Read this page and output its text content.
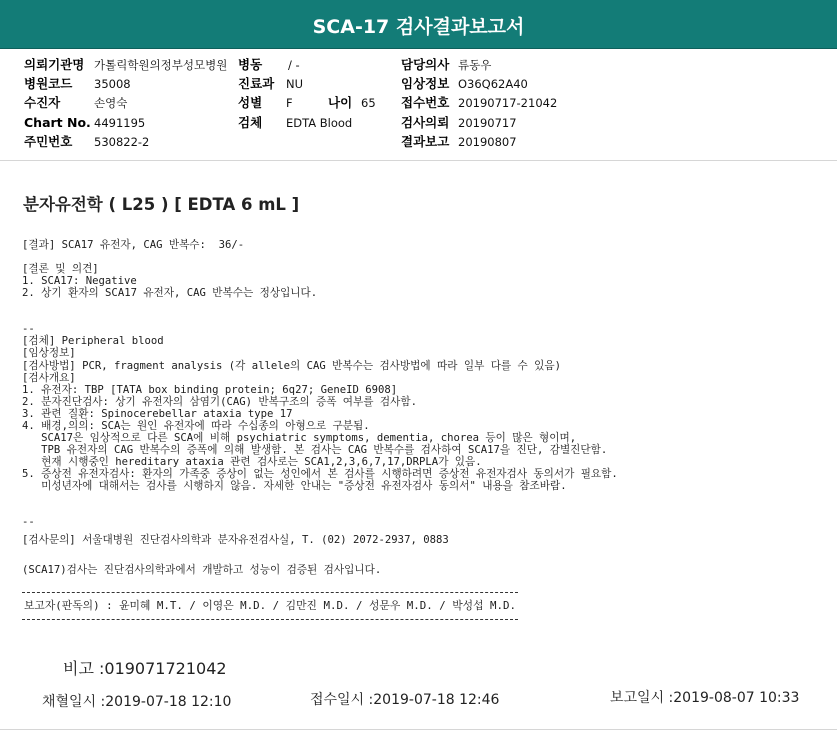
SCA-17 검사결과보고서
의뢰기관명 가톨릭학원의정부성모병원 병동 / -	담당의사 류동우
병원코드 35008	진료과 NU	임상정보 O36Q62A40
수진자	손영숙	성별 F	나이 65 접수번호 20190717-21042
Chart No. 4491195	검체 EDTA Blood	검사의뢰 20190717
주민번호 530822-2	결과보고 20190807
분자유전학 ( L25 ) [ EDTA 6 mL ]
[결과] SCA17 유전자, CAG 반복수:  36/-
[결론 및 의견]
1. SCA17: Negative
2. 상기 환자의 SCA17 유전자, CAG 반복수는 정상입니다.
--
[검체] Peripheral blood
[임상정보]
[검사방법] PCR, fragment analysis (각 allele의 CAG 반복수는 검사방법에 따라 일부 다를 수 있음)
[검사개요]
1. 유전자: TBP [TATA box binding protein; 6q27; GeneID 6908]
2. 분자진단검사: 상기 유전자의 삼염기(CAG) 반복구조의 증폭 여부를 검사함.
3. 관련 질환: Spinocerebellar ataxia type 17
4. 배경,의의: SCA는 원인 유전자에 따라 수십종의 아형으로 구분됨.
SCA17은 임상적으로 다른 SCA에 비해 psychiatric symptoms, dementia, chorea 등이 많은 형이며,
TPB 유전자의 CAG 반복수의 증폭에 의해 발생함. 본 검사는 CAG 반복수를 검사하여 SCA17을 진단, 감별진단함.
현재 시행중인 hereditary ataxia 관련 검사로는 SCA1,2,3,6,7,17,DRPLA가 있음.
5. 증상전 유전자검사: 환자의 가족중 증상이 없는 성인에서 본 검사를 시행하려면 증상전 유전자검사 동의서가 필요함.
미성년자에 대해서는 검사를 시행하지 않음. 자세한 안내는 "증상전 유전자검사 동의서" 내용을 참조바람.
--
[검사문의] 서울대병원 진단검사의학과 분자유전검사실, T. (02) 2072-2937, 0883
(SCA17)검사는 진단검사의학과에서 개발하고 성능이 검증된 검사입니다.
보고자(판독의) : 윤미혜 M.T. / 이영은 M.D. / 김만진 M.D. / 성문우 M.D. / 박성섭 M.D.
비고 :019071721042
채혈일시 :2019-07-18 12:10	접수일시 :2019-07-18 12:46	보고일시 :2019-08-07 10:33
